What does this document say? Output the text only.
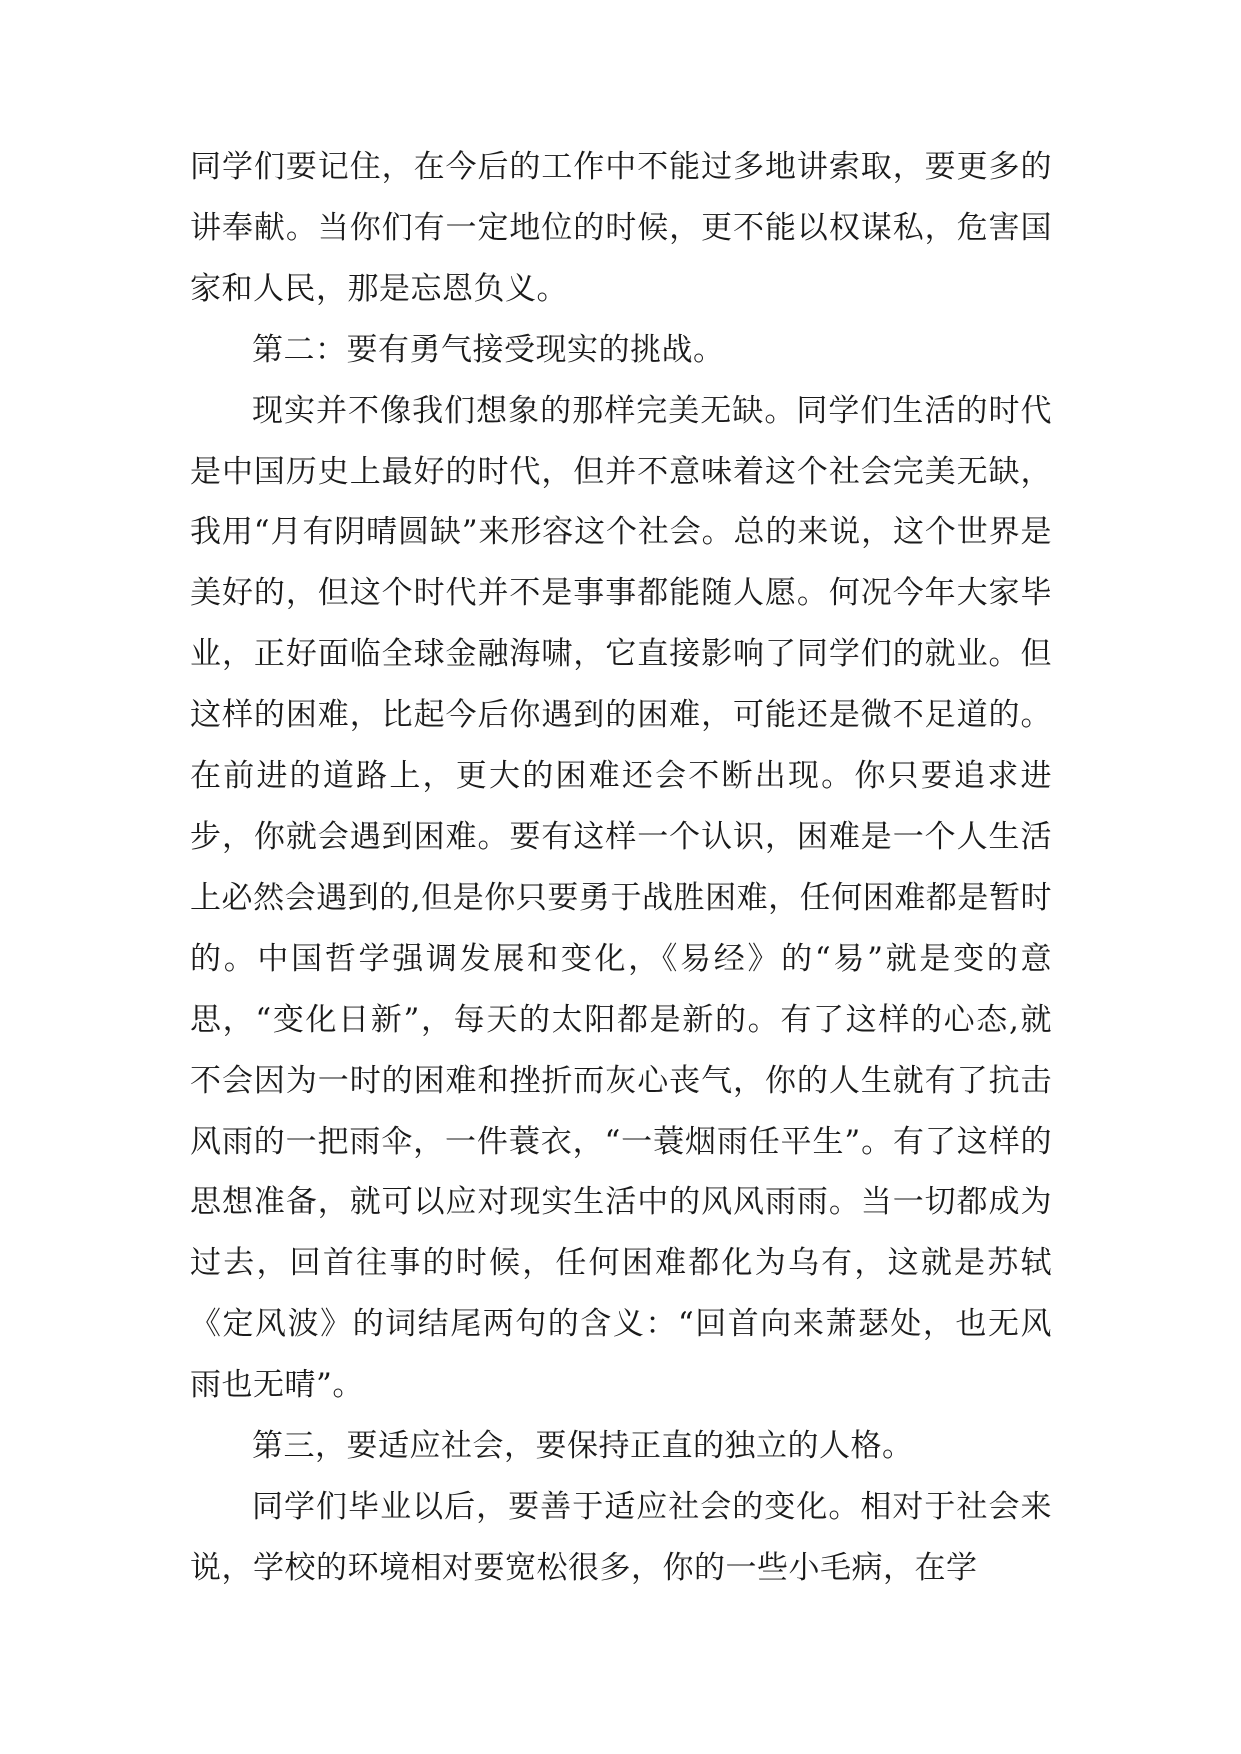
同学们要记住，在今后的工作中不能过多地讲索取，要更多的讲奉献。当你们有一定地位的时候，更不能以权谋私，危害国家和人民，那是忘恩负义。

第二：要有勇气接受现实的挑战。

现实并不像我们想象的那样完美无缺。同学们生活的时代是中国历史上最好的时代，但并不意味着这个社会完美无缺，我用“月有阴晴圆缺”来形容这个社会。总的来说，这个世界是美好的，但这个时代并不是事事都能随人愿。何况今年大家毕业，正好面临全球金融海啸，它直接影响了同学们的就业。但这样的困难，比起今后你遇到的困难，可能还是微不足道的。在前进的道路上，更大的困难还会不断出现。你只要追求进步，你就会遇到困难。要有这样一个认识，困难是一个人生活上必然会遇到的,但是你只要勇于战胜困难，任何困难都是暂时的。中国哲学强调发展和变化，《易经》的“易”就是变的意思，“变化日新”，每天的太阳都是新的。有了这样的心态,就不会因为一时的困难和挫折而灰心丧气，你的人生就有了抗击风雨的一把雨伞，一件蓑衣，“一蓑烟雨任平生”。有了这样的思想准备，就可以应对现实生活中的风风雨雨。当一切都成为过去，回首往事的时候，任何困难都化为乌有，这就是苏轼《定风波》的词结尾两句的含义：“回首向来萧瑟处，也无风雨也无晴”。

第三，要适应社会，要保持正直的独立的人格。

同学们毕业以后，要善于适应社会的变化。相对于社会来说，学校的环境相对要宽松很多，你的一些小毛病，在学
